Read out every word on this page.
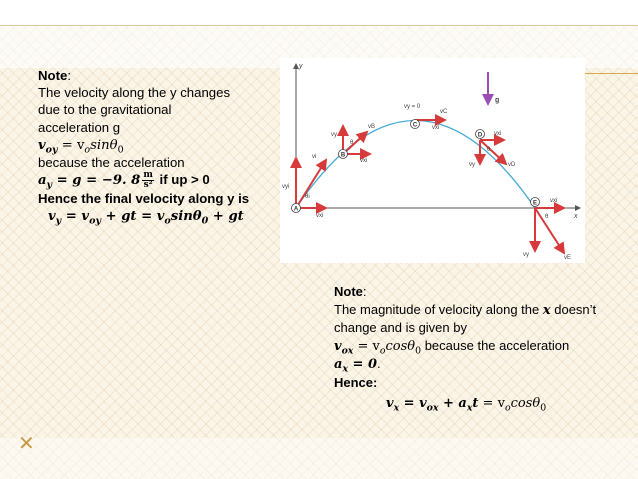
✕
Note:
The velocity along the y changes
due to the gravitational
acceleration g
$v_{oy} = v_o\sin\theta_0$
because the acceleration
$a_y = g = -9$. $8 \frac{m}{\text{s²}}$ if up > 0
Hence the final velocity along y is
$v_y = v_{oy}$ + gt = $v_o\sin\theta_0$ + gt
y
x
g
vyi
vxi
vi
θi
A
vy
vB
vxi
θ
B
vy = 0
vC
vxi
C
vxi
vy	vD
θ
D
vxi
vy	vE
θ
E
Note:
The magnitude of velocity along the x doesn’t
change and is given by
$v_{ox} = v_o\cos\theta_0$ because the acceleration
$a_x = 0$.
Hence:
$v_x = v_{ox} + a_xt = v_o\cos\theta_0$
